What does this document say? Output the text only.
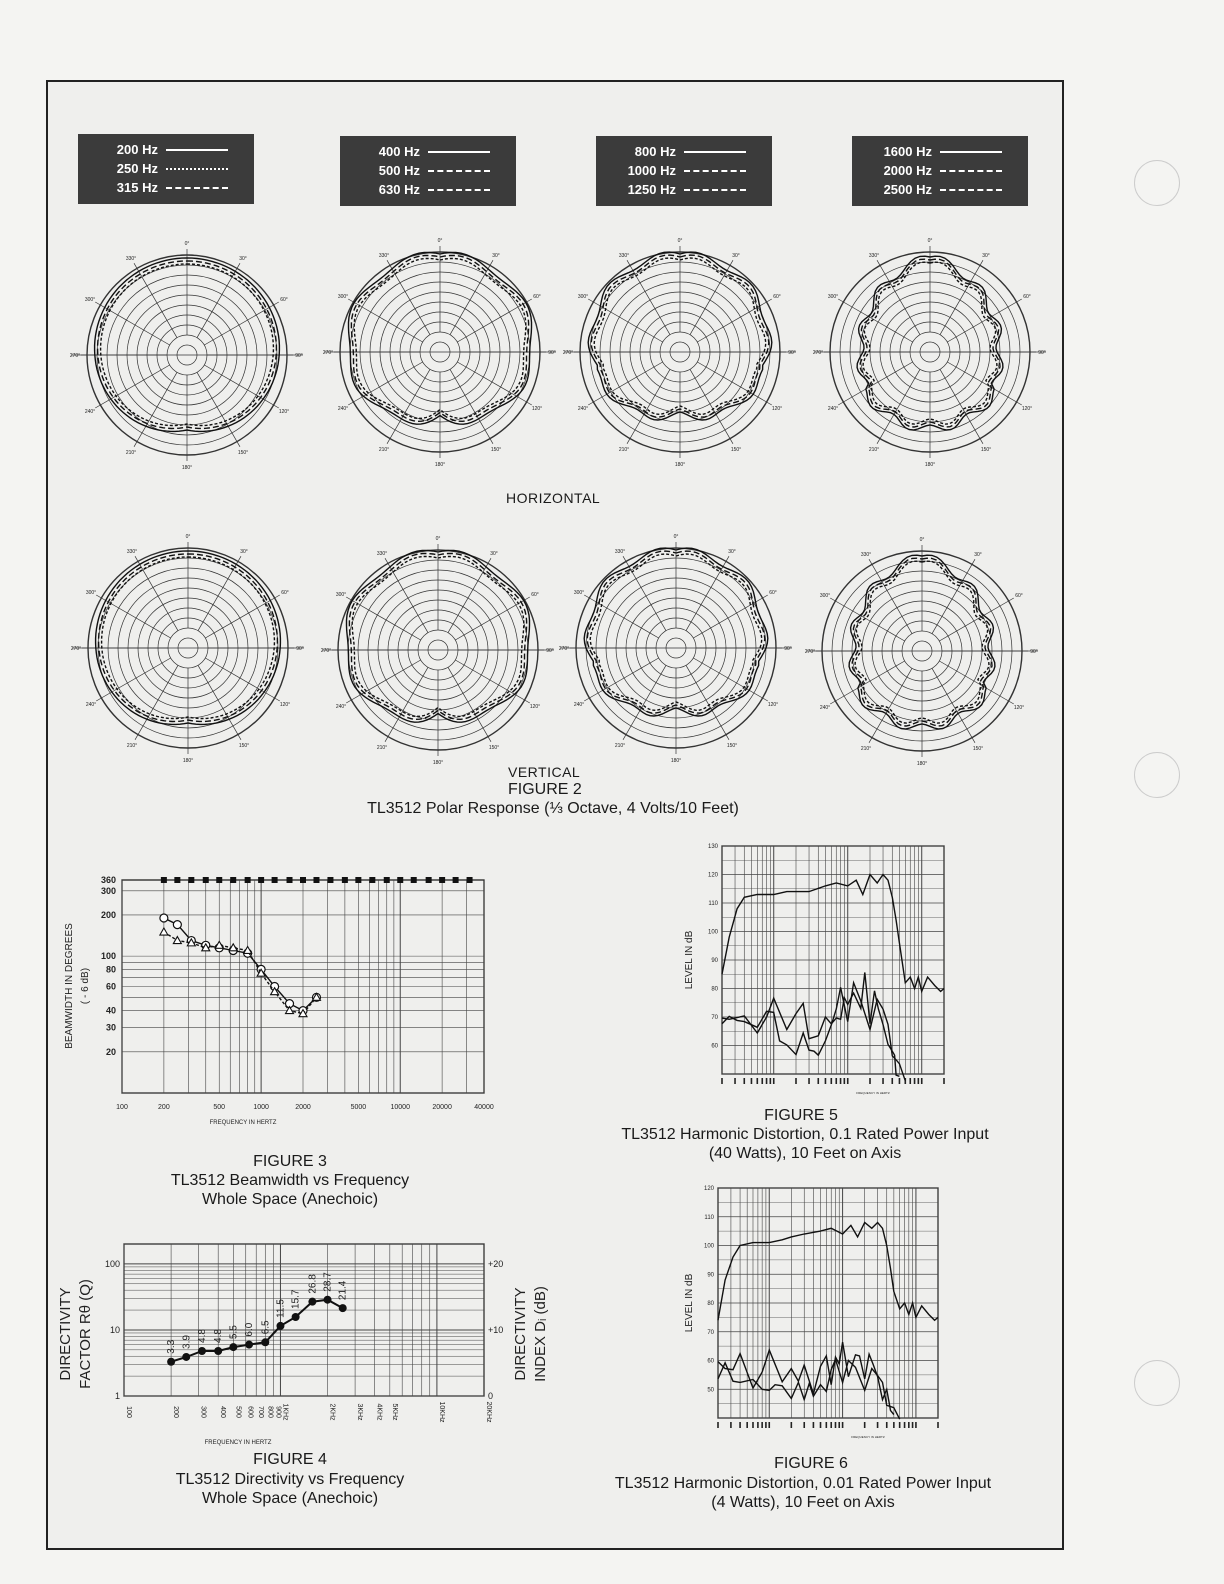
200 Hz
250 Hz
315 Hz
400 Hz
500 Hz
630 Hz
800 Hz
1000 Hz
1250 Hz
1600 Hz
2000 Hz
2500 Hz
0°
30°
60°
90°
120°
150°
180°
210°
240°
270°
300°
330°
0°
30°
60°
90°
120°
150°
180°
210°
240°
270°
300°
330°
0°
30°
60°
90°
120°
150°
180°
210°
240°
270°
300°
330°
0°
30°
60°
90°
120°
150°
180°
210°
240°
270°
300°
330°
0°
30°
60°
90°
120°
150°
180°
210°
240°
270°
300°
330°
0°
30°
60°
90°
120°
150°
180°
210°
240°
270°
300°
330°
0°
30°
60°
90°
120°
150°
180°
210°
240°
270°
300°
330°
0°
30°
60°
90°
120°
150°
180°
210°
240°
270°
300°
330°
HORIZONTAL
VERTICAL
FIGURE 2
TL3512 Polar Response (⅓ Octave, 4 Volts/10 Feet)
20
30
40
60
80
100
200
300
360
100	200	500	1000	2000	5000	10000	20000	40000
FREQUENCY IN HERTZ
BEAMWIDTH IN DEGREES ( - 6 dB)
FIGURE 3
TL3512 Beamwidth vs Frequency
Whole Space (Anechoic)
1
10
100
0
+10
+20
100	200	300 400 500 600 700 800 900 1KHz	2KHz	3KHz 4KHz 5KHz	10KHz	20KHz
FREQUENCY IN HERTZ
DIRECTIVITY FACTOR Rθ (Q)	DIRECTIVITY INDEX Dᵢ (dB)
3.3 3.9 4.8 4.8 5.5 6.0 6.5
11.5 15.7
26.8 28.7 21.4
FIGURE 4
TL3512 Directivity vs Frequency
Whole Space (Anechoic)
60
70
80
90
100
110
120
130
FREQUENCY IN HERTZ
LEVEL IN dB
FIGURE 5
TL3512 Harmonic Distortion, 0.1 Rated Power Input
(40 Watts), 10 Feet on Axis
50
60
70
80
90
100
110
120
FREQUENCY IN HERTZ
LEVEL IN dB
FIGURE 6
TL3512 Harmonic Distortion, 0.01 Rated Power Input
(4 Watts), 10 Feet on Axis
